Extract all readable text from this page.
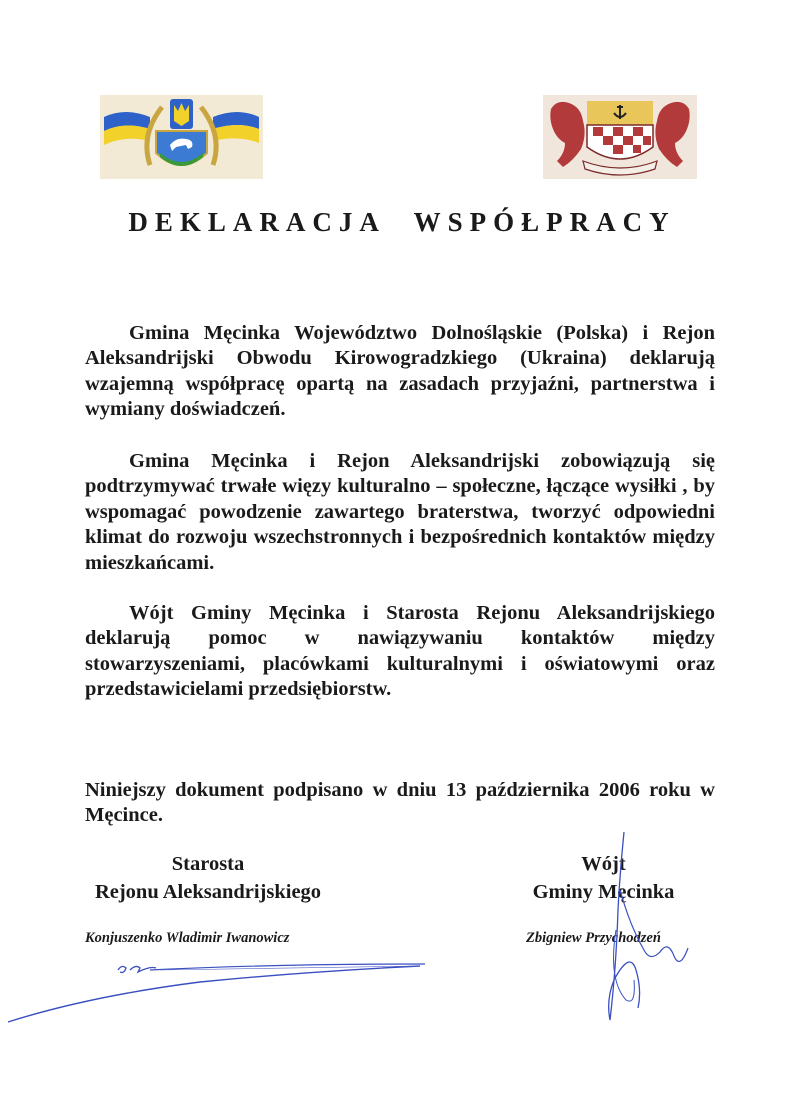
DEKLARACJA WSPÓŁPRACY

Gmina Męcinka Województwo Dolnośląskie (Polska) i Rejon Aleksandrijski Obwodu Kirowogradzkiego (Ukraina) deklarują wzajemną współpracę opartą na zasadach przyjaźni, partnerstwa i wymiany doświadczeń.

Gmina Męcinka i Rejon Aleksandrijski zobowiązują się podtrzymywać trwałe więzy kulturalno – społeczne, łączące wysiłki , by wspomagać powodzenie zawartego braterstwa, tworzyć odpowiedni klimat do rozwoju wszechstronnych i bezpośrednich kontaktów między mieszkańcami.

Wójt Gminy Męcinka i Starosta Rejonu Aleksandrijskiego deklarują pomoc w nawiązywaniu kontaktów między stowarzyszeniami, placówkami kulturalnymi i oświatowymi oraz przedstawicielami przedsiębiorstw.

Niniejszy dokument podpisano w dniu 13 października 2006 roku w Męcince.

Starosta
Rejonu Aleksandrijskiego
Wójt
Gminy Męcinka
Konjuszenko Wladimir Iwanowicz	Zbigniew Przychodzeń
